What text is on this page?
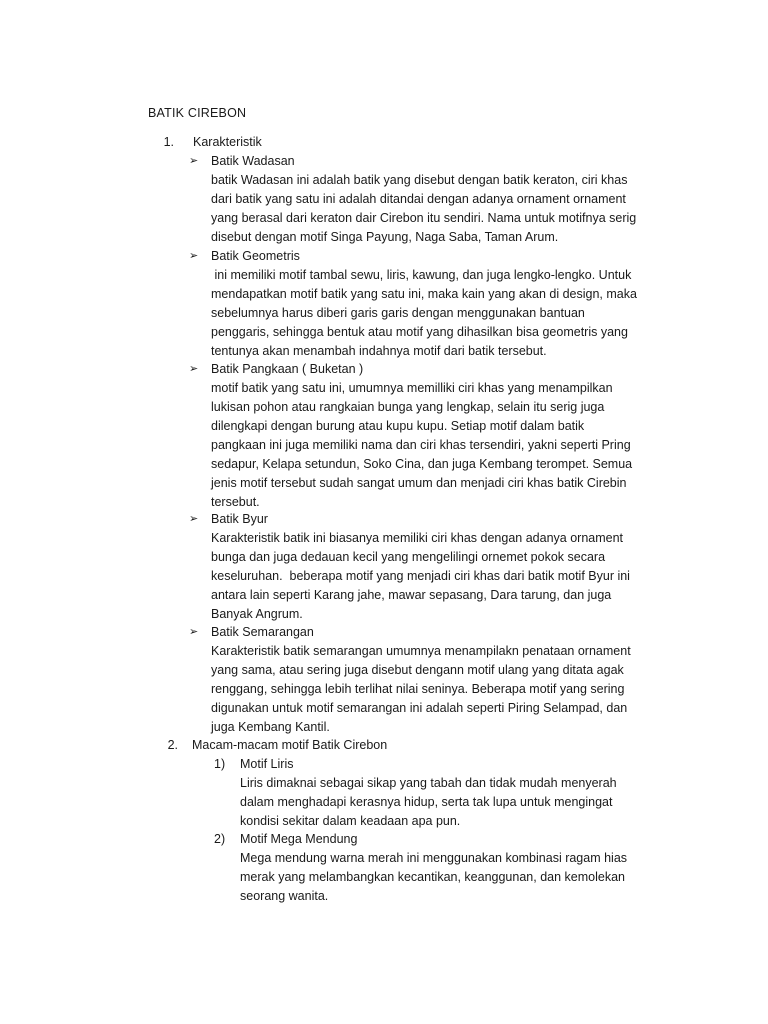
BATIK CIREBON
1. Karakteristik
➢	Batik Wadasan
batik Wadasan ini adalah batik yang disebut dengan batik keraton, ciri khas
dari batik yang satu ini adalah ditandai dengan adanya ornament ornament
yang berasal dari keraton dair Cirebon itu sendiri. Nama untuk motifnya serig
disebut dengan motif Singa Payung, Naga Saba, Taman Arum.
➢	Batik Geometris
ini memiliki motif tambal sewu, liris, kawung, dan juga lengko-lengko. Untuk
mendapatkan motif batik yang satu ini, maka kain yang akan di design, maka
sebelumnya harus diberi garis garis dengan menggunakan bantuan
penggaris, sehingga bentuk atau motif yang dihasilkan bisa geometris yang
tentunya akan menambah indahnya motif dari batik tersebut.
➢	Batik Pangkaan ( Buketan )
motif batik yang satu ini, umumnya memilliki ciri khas yang menampilkan
lukisan pohon atau rangkaian bunga yang lengkap, selain itu serig juga
dilengkapi dengan burung atau kupu kupu. Setiap motif dalam batik
pangkaan ini juga memiliki nama dan ciri khas tersendiri, yakni seperti Pring
sedapur, Kelapa setundun, Soko Cina, dan juga Kembang terompet. Semua
jenis motif tersebut sudah sangat umum dan menjadi ciri khas batik Cirebin
tersebut.
➢	Batik Byur
Karakteristik batik ini biasanya memiliki ciri khas dengan adanya ornament
bunga dan juga dedauan kecil yang mengelilingi ornemet pokok secara
keseluruhan.  beberapa motif yang menjadi ciri khas dari batik motif Byur ini
antara lain seperti Karang jahe, mawar sepasang, Dara tarung, dan juga
Banyak Angrum.
➢	Batik Semarangan
Karakteristik batik semarangan umumnya menampilakn penataan ornament
yang sama, atau sering juga disebut dengann motif ulang yang ditata agak
renggang, sehingga lebih terlihat nilai seninya. Beberapa motif yang sering
digunakan untuk motif semarangan ini adalah seperti Piring Selampad, dan
juga Kembang Kantil.
2. Macam-macam motif Batik Cirebon
1) Motif Liris
Liris dimaknai sebagai sikap yang tabah dan tidak mudah menyerah
dalam menghadapi kerasnya hidup, serta tak lupa untuk mengingat
kondisi sekitar dalam keadaan apa pun.
2) Motif Mega Mendung
Mega mendung warna merah ini menggunakan kombinasi ragam hias
merak yang melambangkan kecantikan, keanggunan, dan kemolekan
seorang wanita.
